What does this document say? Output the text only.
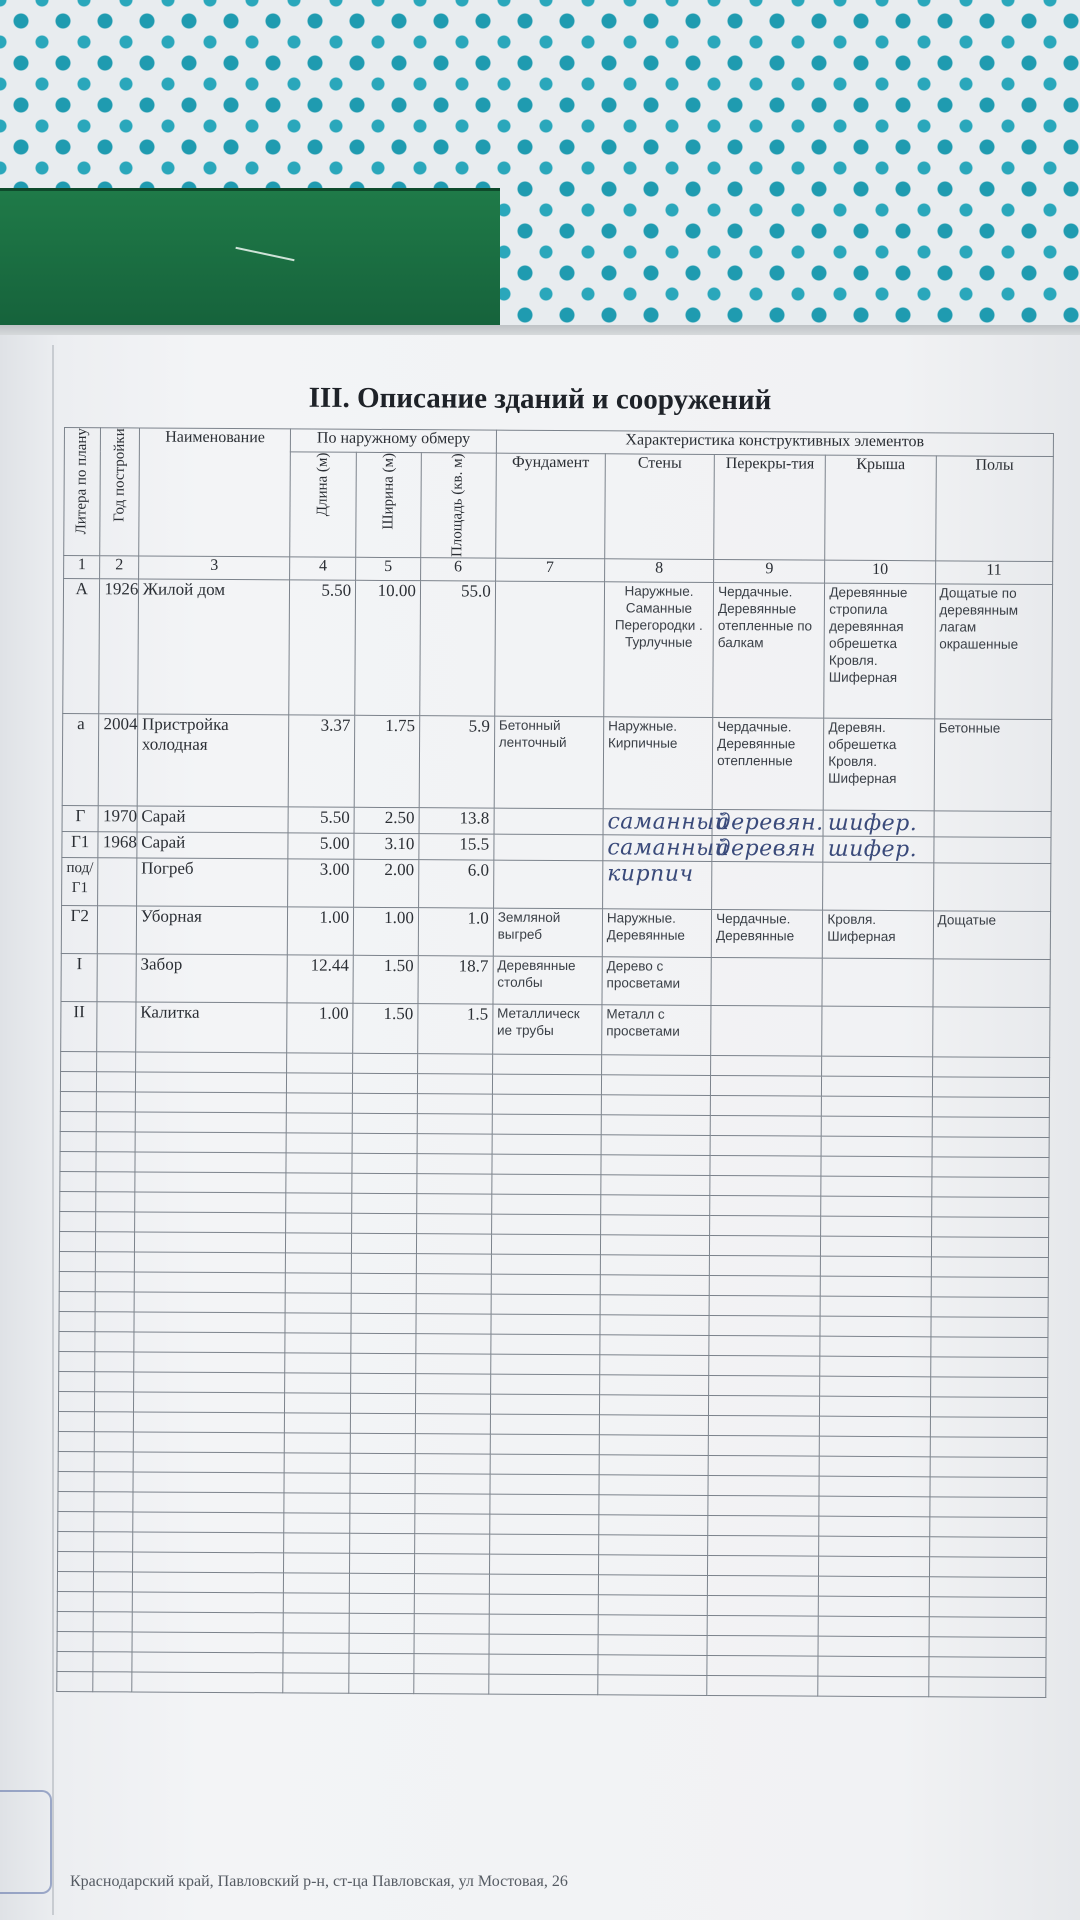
III. Описание зданий и сооружений
Литера по плану	Год постройки	Наименование	По наружному обмеру			Характеристика конструктивных элементов				

			Длина (м)	Ширина (м)	Площадь (кв. м)	Фундамент	Стены	Перекры-тия	Крыша	Полы
1	2	3	4	5	6	7	8	9	10	11
А	1926	Жилой дом	5.50	10.00	55.0		Наружные. Саманные Перегородки . Турлучные	Чердачные. Деревянные отепленные по балкам	Деревянные стропила деревянная обрешетка Кровля. Шиферная	Дощатые по деревянным лагам окрашенные
а	2004	Пристройка холодная	3.37	1.75	5.9	Бетонный ленточный	Наружные. Кирпичные	Чердачные. Деревянные отепленные	Деревян. обрешетка Кровля. Шиферная	Бетонные
Г	1970	Сарай	5.50	2.50	13.8		саманный	деревян.	шифер.	
Г1	1968	Сарай	5.00	3.10	15.5		саманный	деревян	шифер.	
под/Г1		Погреб	3.00	2.00	6.0		кирпич			
Г2		Уборная	1.00	1.00	1.0	Земляной выгреб	Наружные. Деревянные	Чердачные. Деревянные	Кровля. Шиферная	Дощатые
I		Забор	12.44	1.50	18.7	Деревянные столбы	Дерево с просветами			
II		Калитка	1.00	1.50	1.5	Металлическ ие трубы	Металл с просветами			

Краснодарский край, Павловский р-н, ст-ца Павловская, ул Мостовая, 26
